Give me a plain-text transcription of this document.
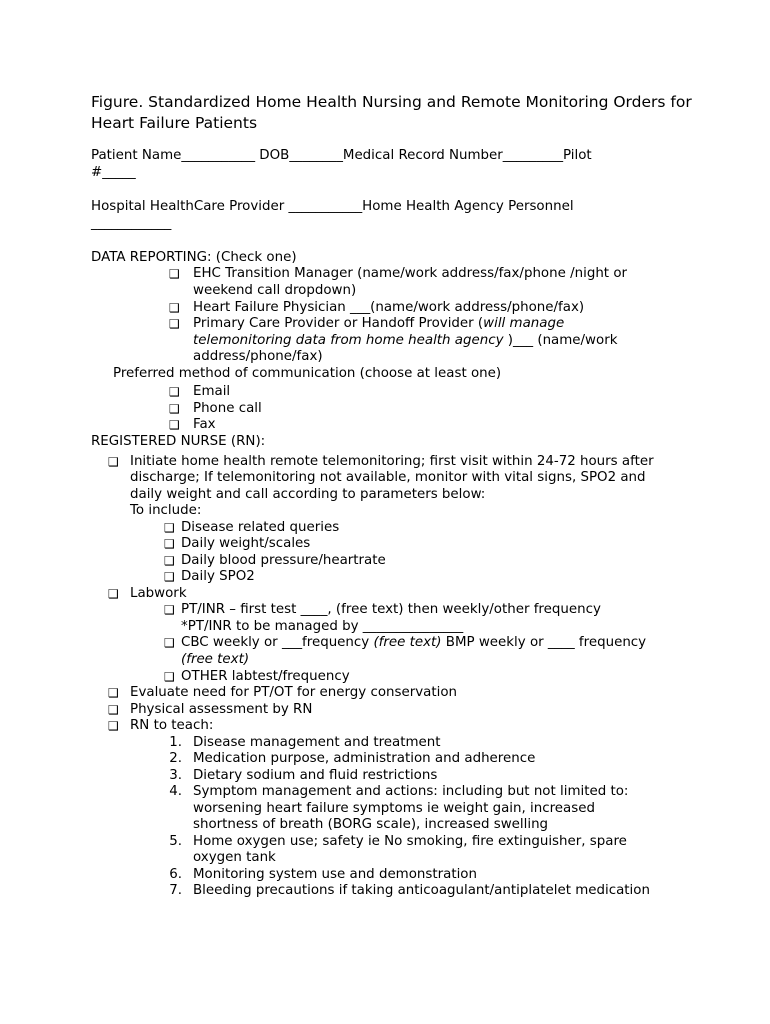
Figure. Standardized Home Health Nursing and Remote Monitoring Orders for Heart Failure Patients
Patient Name___________ DOB________Medical Record Number_________Pilot
#_____
Hospital HealthCare Provider ___________Home Health Agency Personnel
____________
DATA REPORTING: (Check one)
❑ EHC Transition Manager (name/work address/fax/phone /night or
weekend call dropdown)
❑ Heart Failure Physician ___(name/work address/phone/fax)
❑ Primary Care Provider or Handoff Provider (will manage
telemonitoring data from home health agency )___ (name/work
address/phone/fax)
Preferred method of communication (choose at least one)
❑ Email
❑ Phone call
❑ Fax
REGISTERED NURSE (RN):
❑ Initiate home health remote telemonitoring; first visit within 24-72 hours after
discharge; If telemonitoring not available, monitor with vital signs, SPO2 and
daily weight and call according to parameters below:
To include:
❑ Disease related queries
❑ Daily weight/scales
❑ Daily blood pressure/heartrate
❑ Daily SPO2
❑ Labwork
❑ PT/INR – first test ____, (free text) then weekly/other frequency
*PT/INR to be managed by _______________
❑ CBC weekly or ___frequency (free text) BMP weekly or ____ frequency
(free text)
❑ OTHER labtest/frequency
❑ Evaluate need for PT/OT for energy conservation
❑ Physical assessment by RN
❑ RN to teach:
1. Disease management and treatment
2. Medication purpose, administration and adherence
3. Dietary sodium and fluid restrictions
4. Symptom management and actions: including but not limited to:
worsening heart failure symptoms ie weight gain, increased
shortness of breath (BORG scale), increased swelling
5. Home oxygen use; safety ie No smoking, fire extinguisher, spare
oxygen tank
6. Monitoring system use and demonstration
7. Bleeding precautions if taking anticoagulant/antiplatelet medication
